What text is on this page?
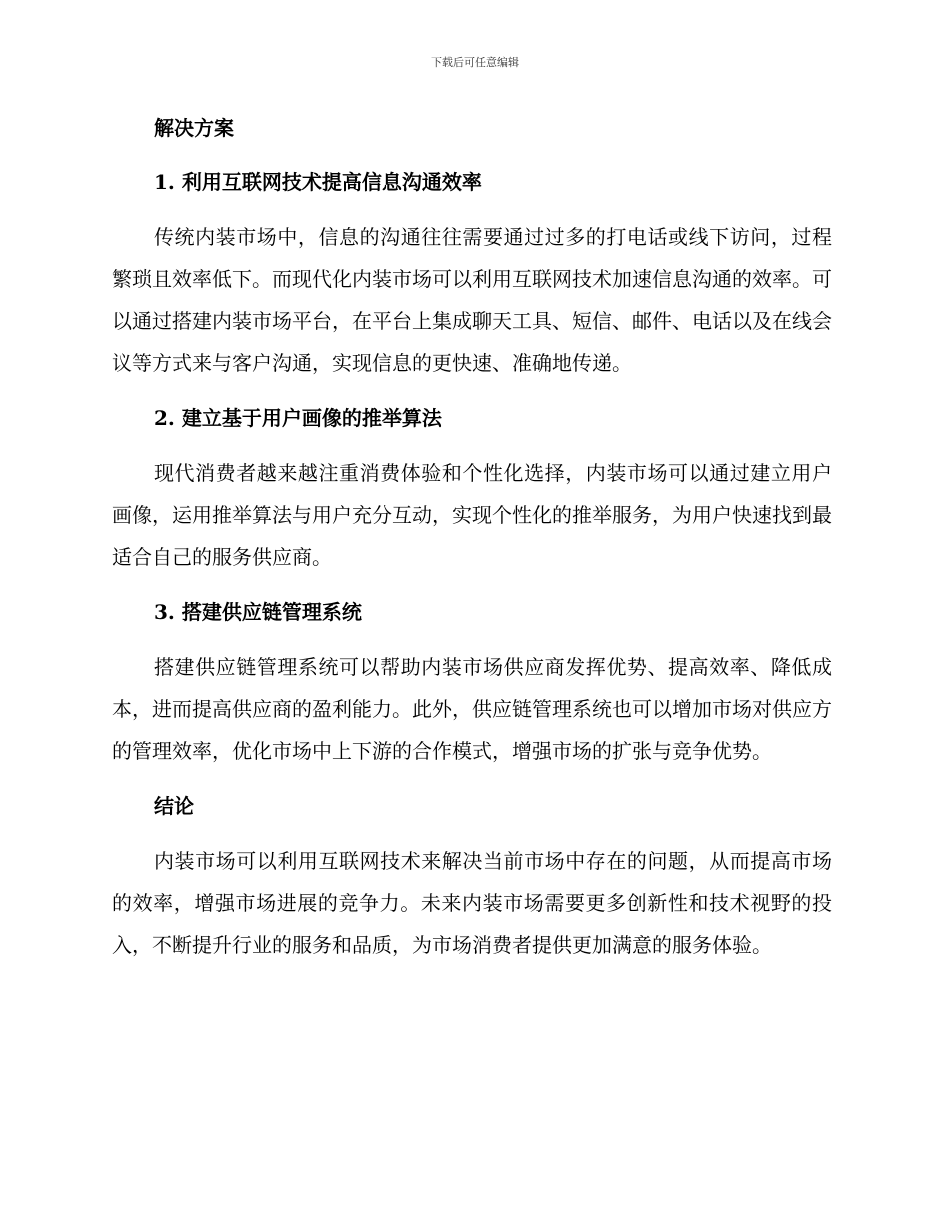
下载后可任意编辑
解决方案
1. 利用互联网技术提高信息沟通效率

传统内装市场中，信息的沟通往往需要通过过多的打电话或线下访问，过程繁琐且效率低下。而现代化内装市场可以利用互联网技术加速信息沟通的效率。可以通过搭建内装市场平台，在平台上集成聊天工具、短信、邮件、电话以及在线会议等方式来与客户沟通，实现信息的更快速、准确地传递。

2. 建立基于用户画像的推举算法

现代消费者越来越注重消费体验和个性化选择，内装市场可以通过建立用户画像，运用推举算法与用户充分互动，实现个性化的推举服务，为用户快速找到最适合自己的服务供应商。

3. 搭建供应链管理系统

搭建供应链管理系统可以帮助内装市场供应商发挥优势、提高效率、降低成本，进而提高供应商的盈利能力。此外，供应链管理系统也可以增加市场对供应方的管理效率，优化市场中上下游的合作模式，增强市场的扩张与竞争优势。

结论

内装市场可以利用互联网技术来解决当前市场中存在的问题，从而提高市场的效率，增强市场进展的竞争力。未来内装市场需要更多创新性和技术视野的投入，不断提升行业的服务和品质，为市场消费者提供更加满意的服务体验。
